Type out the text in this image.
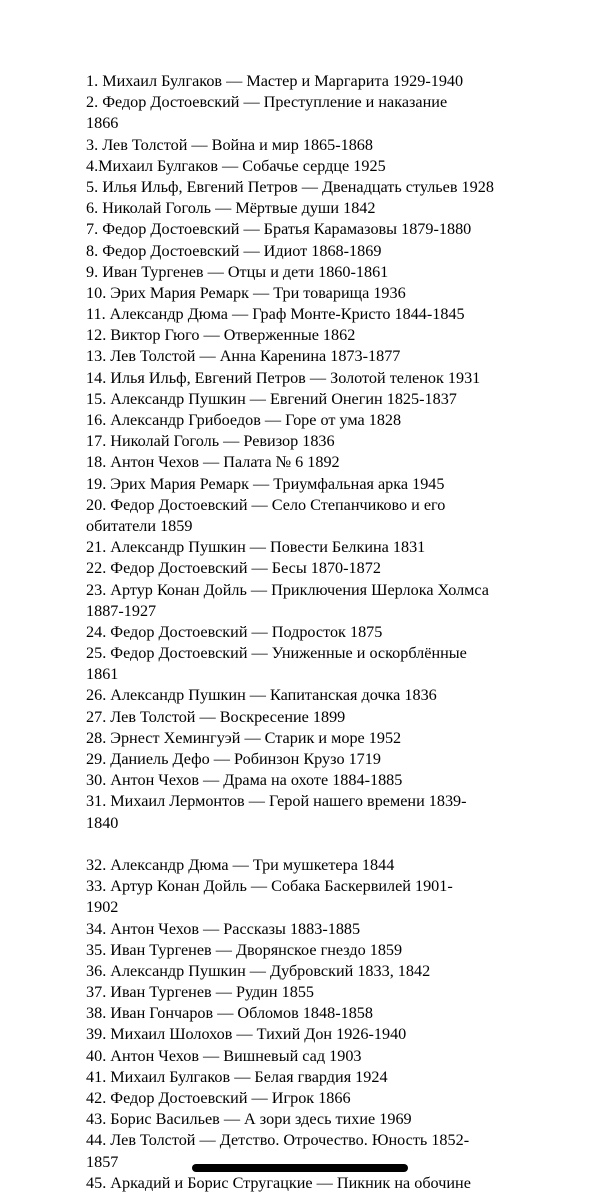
1. Михаил Булгаков — Мастер и Маргарита 1929-1940
2. Федор Достоевский — Преступление и наказание
1866
3. Лев Толстой — Война и мир 1865-1868
4.Михаил Булгаков — Собачье сердце 1925
5. Илья Ильф, Евгений Петров — Двенадцать стульев 1928
6. Николай Гоголь — Мёртвые души 1842
7. Федор Достоевский — Братья Карамазовы 1879-1880
8. Федор Достоевский — Идиот 1868-1869
9. Иван Тургенев — Отцы и дети 1860-1861
10. Эрих Мария Ремарк — Три товарища 1936
11. Александр Дюма — Граф Монте-Кристо 1844-1845
12. Виктор Гюго — Отверженные 1862
13. Лев Толстой — Анна Каренина 1873-1877
14. Илья Ильф, Евгений Петров — Золотой теленок 1931
15. Александр Пушкин — Евгений Онегин 1825-1837
16. Александр Грибоедов — Горе от ума 1828
17. Николай Гоголь — Ревизор 1836
18. Антон Чехов — Палата № 6 1892
19. Эрих Мария Ремарк — Триумфальная арка 1945
20. Федор Достоевский — Село Степанчиково и его
обитатели 1859
21. Александр Пушкин — Повести Белкина 1831
22. Федор Достоевский — Бесы 1870-1872
23. Артур Конан Дойль — Приключения Шерлока Холмса
1887-1927
24. Федор Достоевский — Подросток 1875
25. Федор Достоевский — Униженные и оскорблённые
1861
26. Александр Пушкин — Капитанская дочка 1836
27. Лев Толстой — Воскресение 1899
28. Эрнест Хемингуэй — Старик и море 1952
29. Даниель Дефо — Робинзон Крузо 1719
30. Антон Чехов — Драма на охоте 1884-1885
31. Михаил Лермонтов — Герой нашего времени 1839-
1840
32. Александр Дюма — Три мушкетера 1844
33. Артур Конан Дойль — Собака Баскервилей 1901-
1902
34. Антон Чехов — Рассказы 1883-1885
35. Иван Тургенев — Дворянское гнездо 1859
36. Александр Пушкин — Дубровский 1833, 1842
37. Иван Тургенев — Рудин 1855
38. Иван Гончаров — Обломов 1848-1858
39. Михаил Шолохов — Тихий Дон 1926-1940
40. Антон Чехов — Вишневый сад 1903
41. Михаил Булгаков — Белая гвардия 1924
42. Федор Достоевский — Игрок 1866
43. Борис Васильев — А зори здесь тихие 1969
44. Лев Толстой — Детство. Отрочество. Юность 1852-
1857
45. Аркадий и Борис Стругацкие — Пикник на обочине
